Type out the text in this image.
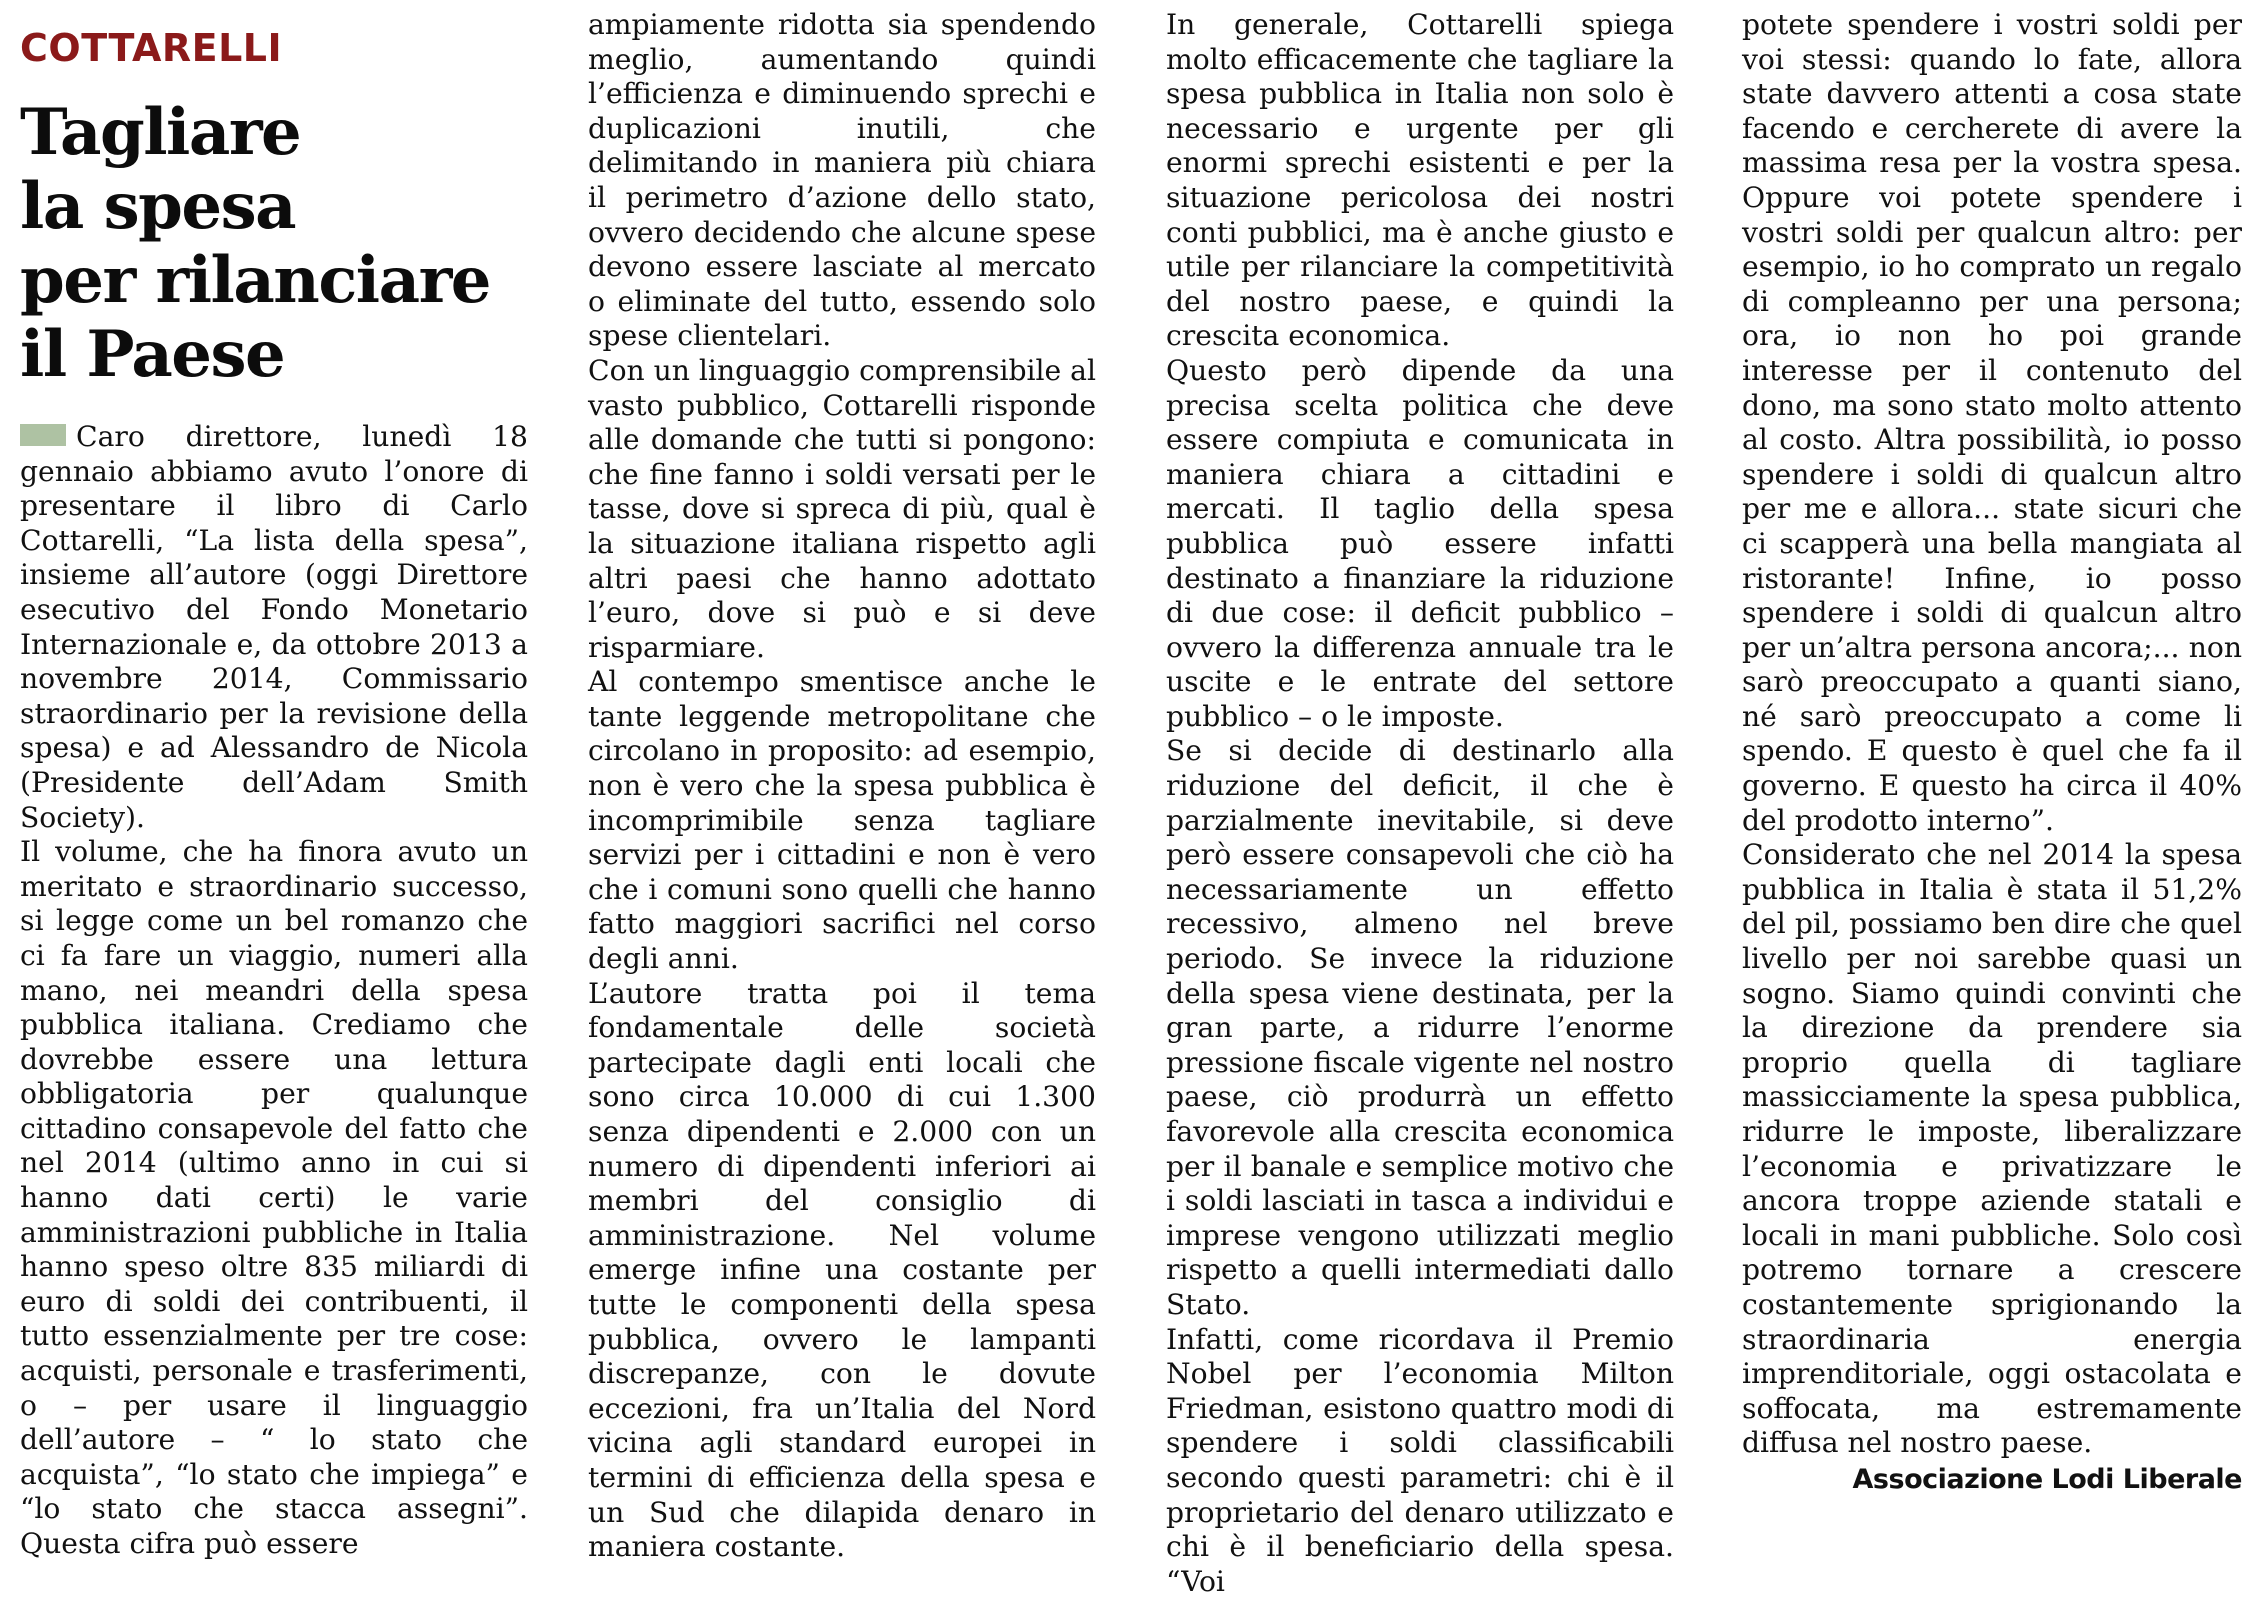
COTTARELLI
Tagliare
la spesa
per rilanciare
il Paese

Caro direttore, lunedì 18 gennaio abbiamo avuto l’onore di presentare il libro di Carlo Cottarelli, “La lista della spesa”, insieme all’autore (oggi Direttore esecutivo del Fondo Monetario Internazionale e, da ottobre 2013 a novembre 2014, Commissario straordinario per la revisione della spesa) e ad Alessandro de Nicola (Presidente dell’Adam Smith Society).

Il volume, che ha finora avuto un meritato e straordinario successo, si legge come un bel romanzo che ci fa fare un viaggio, numeri alla mano, nei meandri della spesa pubblica italiana. Crediamo che dovrebbe essere una lettura obbligatoria per qualunque cittadino consapevole del fatto che nel 2014 (ultimo anno in cui si hanno dati certi) le varie amministrazioni pubbliche in Italia hanno speso oltre 835 miliardi di euro di soldi dei contribuenti, il tutto essenzialmente per tre cose: acquisti, personale e trasferimenti, o – per usare il linguaggio dell’autore – “ lo stato che acquista”, “lo stato che impiega” e “lo stato che stacca assegni”. Questa cifra può essere

ampiamente ridotta sia spendendo meglio, aumentando quindi l’efficienza e diminuendo sprechi e duplicazioni inutili, che delimitando in maniera più chiara il perimetro d’azione dello stato, ovvero decidendo che alcune spese devono essere lasciate al mercato o eliminate del tutto, essendo solo spese clientelari.

Con un linguaggio comprensibile al vasto pubblico, Cottarelli risponde alle domande che tutti si pongono: che fine fanno i soldi versati per le tasse, dove si spreca di più, qual è la situazione italiana rispetto agli altri paesi che hanno adottato l’euro, dove si può e si deve risparmiare.

Al contempo smentisce anche le tante leggende metropolitane che circolano in proposito: ad esempio, non è vero che la spesa pubblica è incomprimibile senza tagliare servizi per i cittadini e non è vero che i comuni sono quelli che hanno fatto maggiori sacrifici nel corso degli anni.

L’autore tratta poi il tema fondamentale delle società partecipate dagli enti locali che sono circa 10.000 di cui 1.300 senza dipendenti e 2.000 con un numero di dipendenti inferiori ai membri del consiglio di amministrazione. Nel volume emerge infine una costante per tutte le componenti della spesa pubblica, ovvero le lampanti discrepanze, con le dovute eccezioni, fra un’Italia del Nord vicina agli standard europei in termini di efficienza della spesa e un Sud che dilapida denaro in maniera costante.

In generale, Cottarelli spiega molto efficacemente che tagliare la spesa pubblica in Italia non solo è necessario e urgente per gli enormi sprechi esistenti e per la situazione pericolosa dei nostri conti pubblici, ma è anche giusto e utile per rilanciare la competitività del nostro paese, e quindi la crescita economica.

Questo però dipende da una precisa scelta politica che deve essere compiuta e comunicata in maniera chiara a cittadini e mercati. Il taglio della spesa pubblica può essere infatti destinato a finanziare la riduzione di due cose: il deficit pubblico – ovvero la differenza annuale tra le uscite e le entrate del settore pubblico – o le imposte.

Se si decide di destinarlo alla riduzione del deficit, il che è parzialmente inevitabile, si deve però essere consapevoli che ciò ha necessariamente un effetto recessivo, almeno nel breve periodo. Se invece la riduzione della spesa viene destinata, per la gran parte, a ridurre l’enorme pressione fiscale vigente nel nostro paese, ciò produrrà un effetto favorevole alla crescita economica per il banale e semplice motivo che i soldi lasciati in tasca a individui e imprese vengono utilizzati meglio rispetto a quelli intermediati dallo Stato.

Infatti, come ricordava il Premio Nobel per l’economia Milton Friedman, esistono quattro modi di spendere i soldi classificabili secondo questi parametri: chi è il proprietario del denaro utilizzato e chi è il beneficiario della spesa. “Voi

potete spendere i vostri soldi per voi stessi: quando lo fate, allora state davvero attenti a cosa state facendo e cercherete di avere la massima resa per la vostra spesa. Oppure voi potete spendere i vostri soldi per qualcun altro: per esempio, io ho comprato un regalo di compleanno per una persona; ora, io non ho poi grande interesse per il contenuto del dono, ma sono stato molto attento al costo. Altra possibilità, io posso spendere i soldi di qualcun altro per me e allora... state sicuri che ci scapperà una bella mangiata al ristorante! Infine, io posso spendere i soldi di qualcun altro per un’altra persona ancora;... non sarò preoccupato a quanti siano, né sarò preoccupato a come li spendo. E questo è quel che fa il governo. E questo ha circa il 40% del prodotto interno”.

Considerato che nel 2014 la spesa pubblica in Italia è stata il 51,2% del pil, possiamo ben dire che quel livello per noi sarebbe quasi un sogno. Siamo quindi convinti che la direzione da prendere sia proprio quella di tagliare massicciamente la spesa pubblica, ridurre le imposte, liberalizzare l’economia e privatizzare le ancora troppe aziende statali e locali in mani pubbliche. Solo così potremo tornare a crescere costantemente sprigionando la straordinaria energia imprenditoriale, oggi ostacolata e soffocata, ma estremamente diffusa nel nostro paese.

Associazione Lodi Liberale
